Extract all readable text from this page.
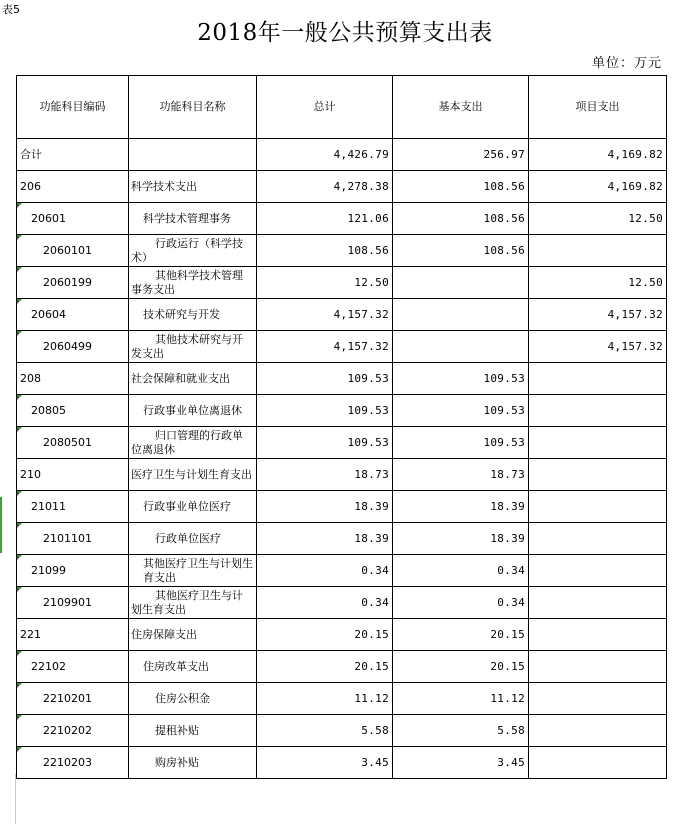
表5
2018年一般公共预算支出表
单位：万元
功能科目编码	功能科目名称	总计	基本支出	项目支出
合计		4,426.79	256.97	4,169.82
206	科学技术支出	4,278.38	108.56	4,169.82
20601	科学技术管理事务	121.06	108.56	12.50
2060101	行政运行（科学技术）	108.56	108.56	
2060199	其他科学技术管理事务支出	12.50		12.50
20604	技术研究与开发	4,157.32		4,157.32
2060499	其他技术研究与开发支出	4,157.32		4,157.32
208	社会保障和就业支出	109.53	109.53	
20805	行政事业单位离退休	109.53	109.53	
2080501	归口管理的行政单位离退休	109.53	109.53	
210	医疗卫生与计划生育支出	18.73	18.73	
21011	行政事业单位医疗	18.39	18.39	
2101101	行政单位医疗	18.39	18.39	
21099	其他医疗卫生与计划生育支出	0.34	0.34	
2109901	其他医疗卫生与计划生育支出	0.34	0.34	
221	住房保障支出	20.15	20.15	
22102	住房改革支出	20.15	20.15	
2210201	住房公积金	11.12	11.12	
2210202	提租补贴	5.58	5.58	
2210203	购房补贴	3.45	3.45	
